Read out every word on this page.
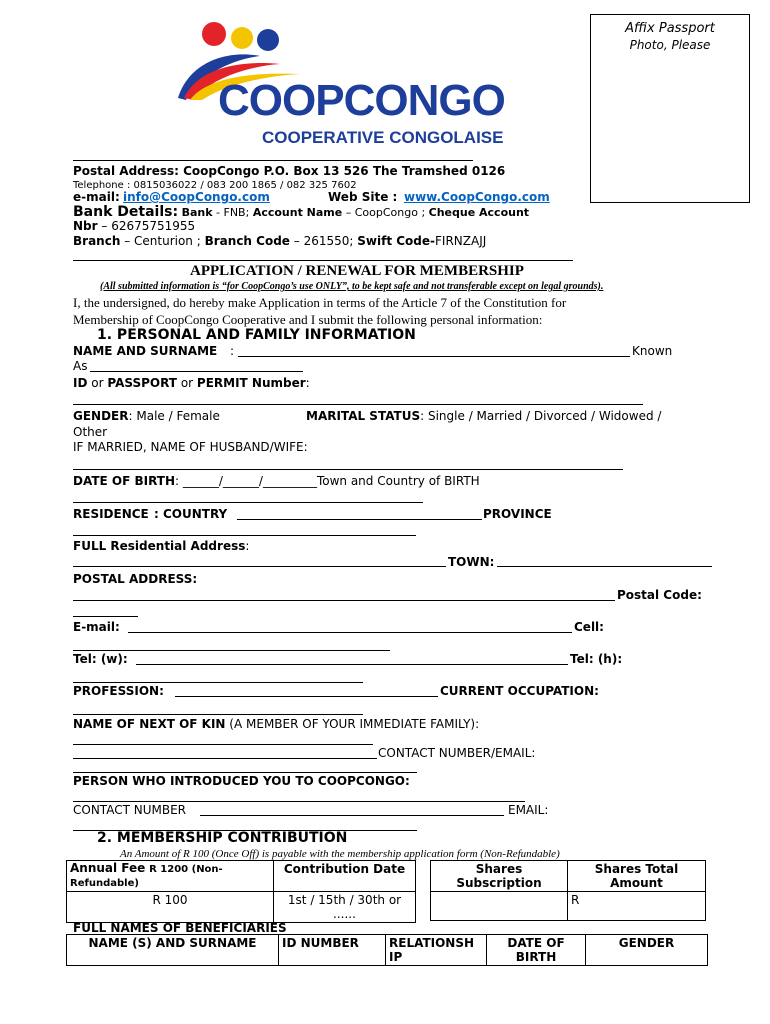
COOPCONGO
COOPERATIVE CONGOLAISE
Affix Passport
Photo, Please
Postal Address: CoopCongo P.O. Box 13 526 The Tramshed 0126
Telephone : 0815036022 / 083 200 1865 / 082 325 7602
e-mail: info@CoopCongo.com	Web Site : www.CoopCongo.com
Bank Details: Bank - FNB; Account Name – CoopCongo ; Cheque Account
Nbr – 62675751955
Branch – Centurion ; Branch Code – 261550; Swift Code-FIRNZAJJ
APPLICATION / RENEWAL FOR MEMBERSHIP
(All submitted information is “for CoopCongo’s use ONLY”, to be kept safe and not transferable except on legal grounds).
I, the undersigned, do hereby make Application in terms of the Article 7 of the Constitution for
Membership of CoopCongo Cooperative and I submit the following personal information:
1. PERSONAL AND FAMILY INFORMATION
NAME AND SURNAME :	Known
As
ID or PASSPORT or PERMIT Number:
GENDER: Male / Female	MARITAL STATUS: Single / Married / Divorced / Widowed /
Other
IF MARRIED, NAME OF HUSBAND/WIFE:
DATE OF BIRTH: ______/______/_________Town and Country of BIRTH
RESIDENCE : COUNTRY	PROVINCE
FULL Residential Address:
TOWN:
POSTAL ADDRESS:
Postal Code:
E-mail:	Cell:
Tel: (w):	Tel: (h):
PROFESSION:	CURRENT OCCUPATION:
NAME OF NEXT OF KIN (A MEMBER OF YOUR IMMEDIATE FAMILY):
CONTACT NUMBER/EMAIL:
PERSON WHO INTRODUCED YOU TO COOPCONGO:
CONTACT NUMBER	EMAIL:
2. MEMBERSHIP CONTRIBUTION
An Amount of R 100 (Once Off) is payable with the membership application form (Non-Refundable)
Annual Fee R 1200 (Non-
Refundable)	Contribution Date
R 100	1st / 15th / 30th or
......
Shares Subscription	Shares Total Amount
	R
FULL NAMES OF BENEFICIARIES
NAME (S) AND SURNAME	ID NUMBER	RELATIONSH IP	DATE OF BIRTH	GENDER
